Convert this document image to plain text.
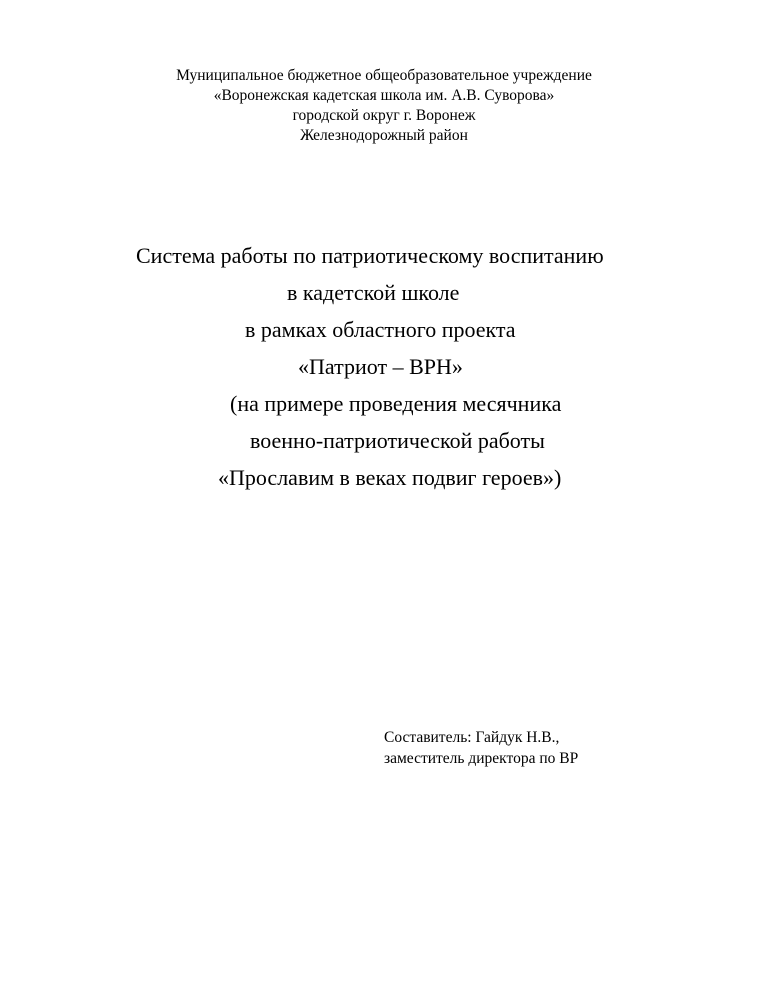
Муниципальное бюджетное общеобразовательное учреждение
«Воронежская кадетская школа им. А.В. Суворова»
городской округ г. Воронеж
Железнодорожный район
Система работы по патриотическому воспитанию
в кадетской школе
в рамках областного проекта
«Патриот – ВРН»
(на примере проведения месячника
военно-патриотической работы
«Прославим в веках подвиг героев»)
Составитель: Гайдук Н.В.,
заместитель директора по ВР
